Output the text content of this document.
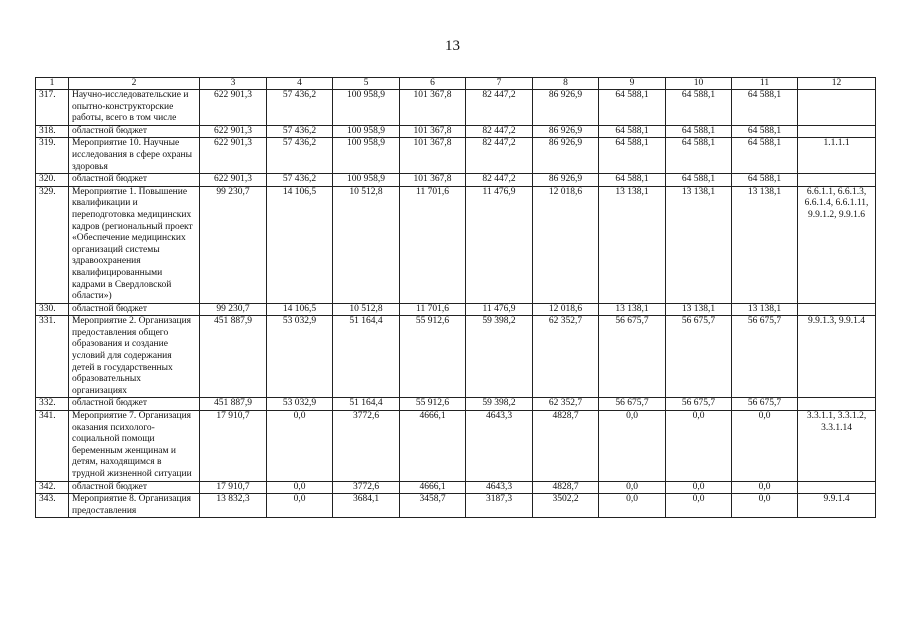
13
1	2	3	4	5	6	7	8	9	10	11	12
317.	Научно-исследовательские и опытно-конструкторские работы, всего в том числе	622 901,3	57 436,2	100 958,9	101 367,8	82 447,2	86 926,9	64 588,1	64 588,1	64 588,1	
318.	областной бюджет	622 901,3	57 436,2	100 958,9	101 367,8	82 447,2	86 926,9	64 588,1	64 588,1	64 588,1	
319.	Мероприятие 10. Научные исследования в сфере охраны здоровья	622 901,3	57 436,2	100 958,9	101 367,8	82 447,2	86 926,9	64 588,1	64 588,1	64 588,1	1.1.1.1
320.	областной бюджет	622 901,3	57 436,2	100 958,9	101 367,8	82 447,2	86 926,9	64 588,1	64 588,1	64 588,1	
329.	Мероприятие 1. Повышение квалификации и переподготовка медицинских кадров (региональный проект «Обеспечение медицинских организаций системы здравоохранения квалифицированными кадрами в Свердловской области»)	99 230,7	14 106,5	10 512,8	11 701,6	11 476,9	12 018,6	13 138,1	13 138,1	13 138,1	6.6.1.1, 6.6.1.3, 6.6.1.4, 6.6.1.11, 9.9.1.2, 9.9.1.6
330.	областной бюджет	99 230,7	14 106,5	10 512,8	11 701,6	11 476,9	12 018,6	13 138,1	13 138,1	13 138,1	
331.	Мероприятие 2. Организация предоставления общего образования и создание условий для содержания детей в государственных образовательных организациях	451 887,9	53 032,9	51 164,4	55 912,6	59 398,2	62 352,7	56 675,7	56 675,7	56 675,7	9.9.1.3, 9.9.1.4
332.	областной бюджет	451 887,9	53 032,9	51 164,4	55 912,6	59 398,2	62 352,7	56 675,7	56 675,7	56 675,7	
341.	Мероприятие 7. Организация оказания психолого-социальной помощи беременным женщинам и детям, находящимся в трудной жизненной ситуации	17 910,7	0,0	3772,6	4666,1	4643,3	4828,7	0,0	0,0	0,0	3.3.1.1, 3.3.1.2, 3.3.1.14
342.	областной бюджет	17 910,7	0,0	3772,6	4666,1	4643,3	4828,7	0,0	0,0	0,0	
343.	Мероприятие 8. Организация предоставления	13 832,3	0,0	3684,1	3458,7	3187,3	3502,2	0,0	0,0	0,0	9.9.1.4
